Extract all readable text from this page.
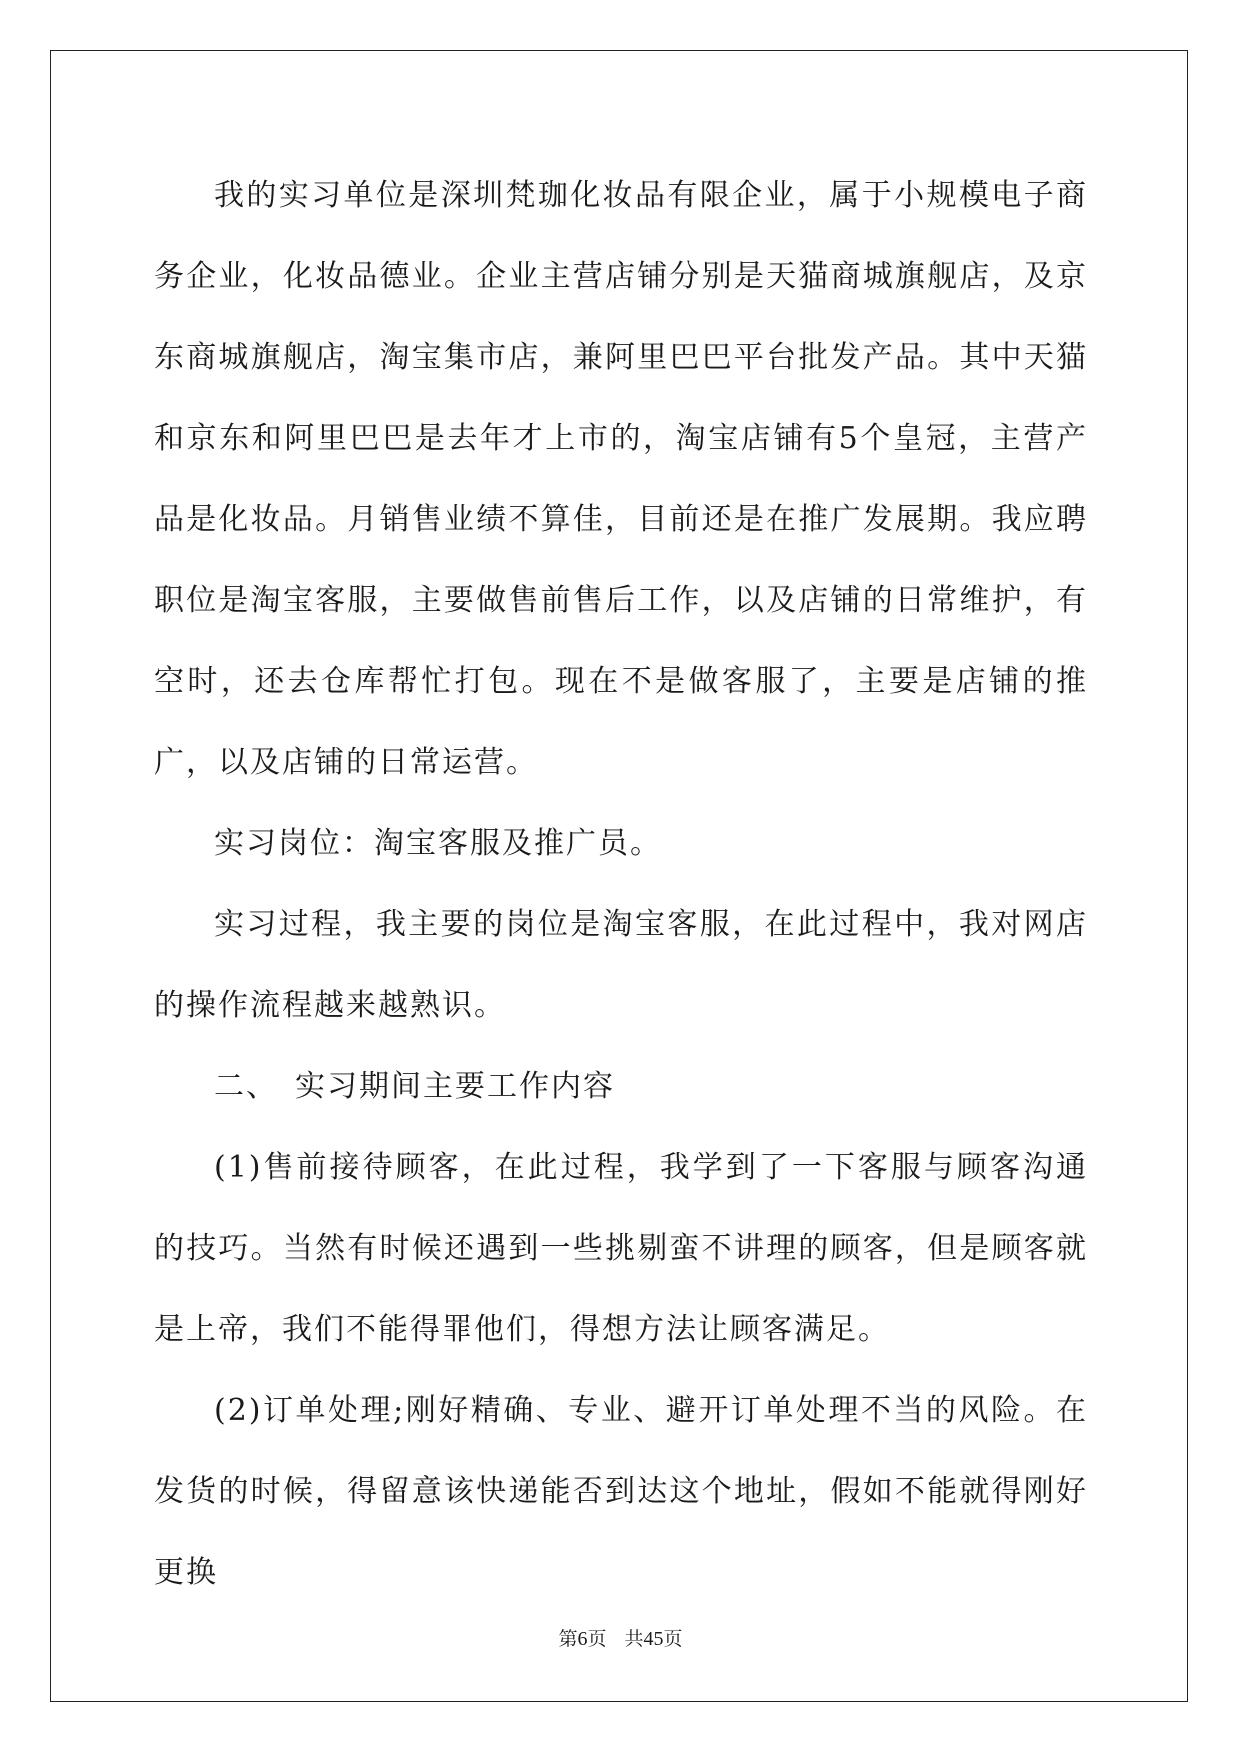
我的实习单位是深圳梵珈化妆品有限企业，属于小规模电子商务企业，化妆品德业。企业主营店铺分别是天猫商城旗舰店，及京东商城旗舰店，淘宝集市店，兼阿里巴巴平台批发产品。其中天猫和京东和阿里巴巴是去年才上市的，淘宝店铺有5个皇冠，主营产品是化妆品。月销售业绩不算佳，目前还是在推广发展期。我应聘职位是淘宝客服，主要做售前售后工作，以及店铺的日常维护，有空时，还去仓库帮忙打包。现在不是做客服了，主要是店铺的推广，以及店铺的日常运营。

实习岗位：淘宝客服及推广员。

实习过程，我主要的岗位是淘宝客服，在此过程中，我对网店的操作流程越来越熟识。

二、　实习期间主要工作内容

(1)售前接待顾客，在此过程，我学到了一下客服与顾客沟通的技巧。当然有时候还遇到一些挑剔蛮不讲理的顾客，但是顾客就是上帝，我们不能得罪他们，得想方法让顾客满足。

(2)订单处理;刚好精确、专业、避开订单处理不当的风险。在发货的时候，得留意该快递能否到达这个地址，假如不能就得刚好更换

第6页 共45页
